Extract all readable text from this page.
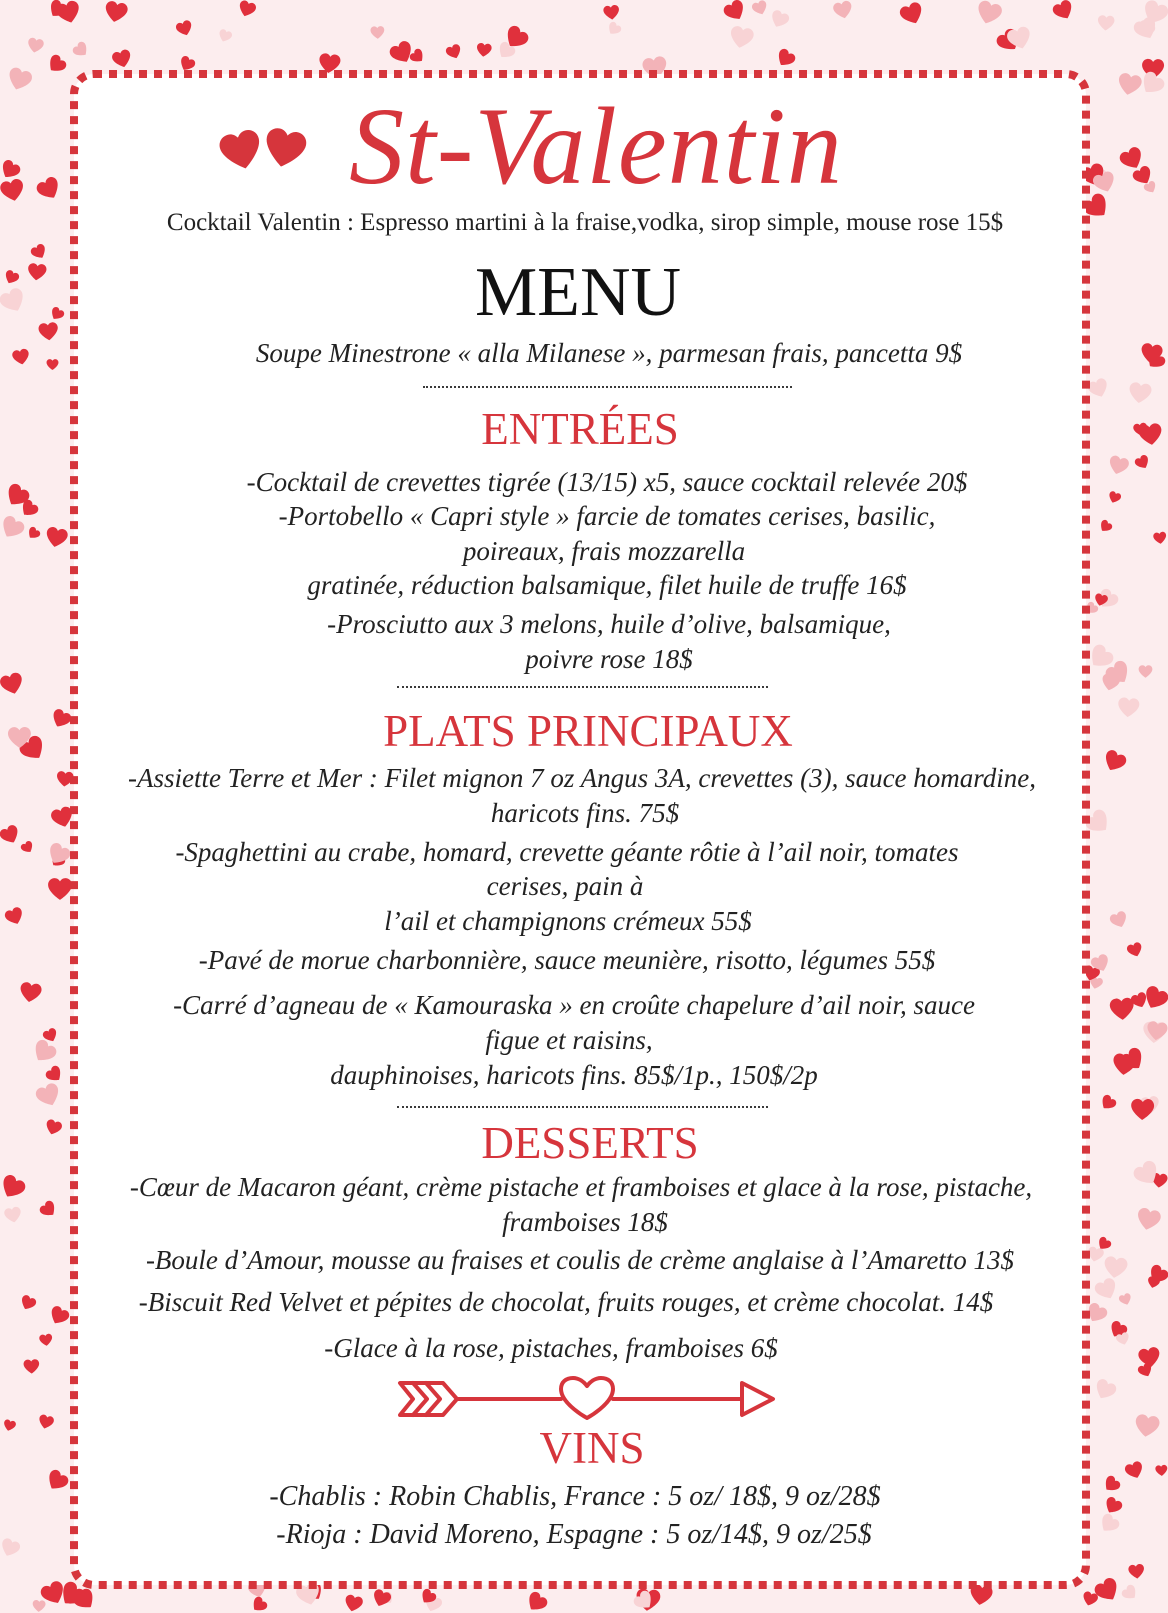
St-Valentin
Cocktail Valentin : Espresso martini à la fraise,vodka, sirop simple, mouse rose 15$
MENU
Soupe Minestrone « alla Milanese », parmesan frais, pancetta 9$
ENTRÉES
-Cocktail de crevettes tigrée (13/15) x5, sauce cocktail relevée 20$
-Portobello « Capri style » farcie de tomates cerises, basilic,
poireaux, frais mozzarella
gratinée, réduction balsamique, filet huile de truffe 16$
-Prosciutto aux 3 melons, huile d’olive, balsamique,
poivre rose 18$
PLATS PRINCIPAUX
-Assiette Terre et Mer : Filet mignon 7 oz Angus 3A, crevettes (3), sauce homardine,
haricots fins. 75$
-Spaghettini au crabe, homard, crevette géante rôtie à l’ail noir, tomates
cerises, pain à
l’ail et champignons crémeux 55$
-Pavé de morue charbonnière, sauce meunière, risotto, légumes 55$
-Carré d’agneau de « Kamouraska » en croûte chapelure d’ail noir, sauce
figue et raisins,
dauphinoises, haricots fins. 85$/1p., 150$/2p
DESSERTS
-Cœur de Macaron géant, crème pistache et framboises et glace à la rose, pistache,
framboises 18$
-Boule d’Amour, mousse au fraises et coulis de crème anglaise à l’Amaretto 13$
-Biscuit Red Velvet et pépites de chocolat, fruits rouges, et crème chocolat. 14$
-Glace à la rose, pistaches, framboises 6$
VINS
-Chablis : Robin Chablis, France : 5 oz/ 18$, 9 oz/28$
-Rioja : David Moreno, Espagne : 5 oz/14$, 9 oz/25$
